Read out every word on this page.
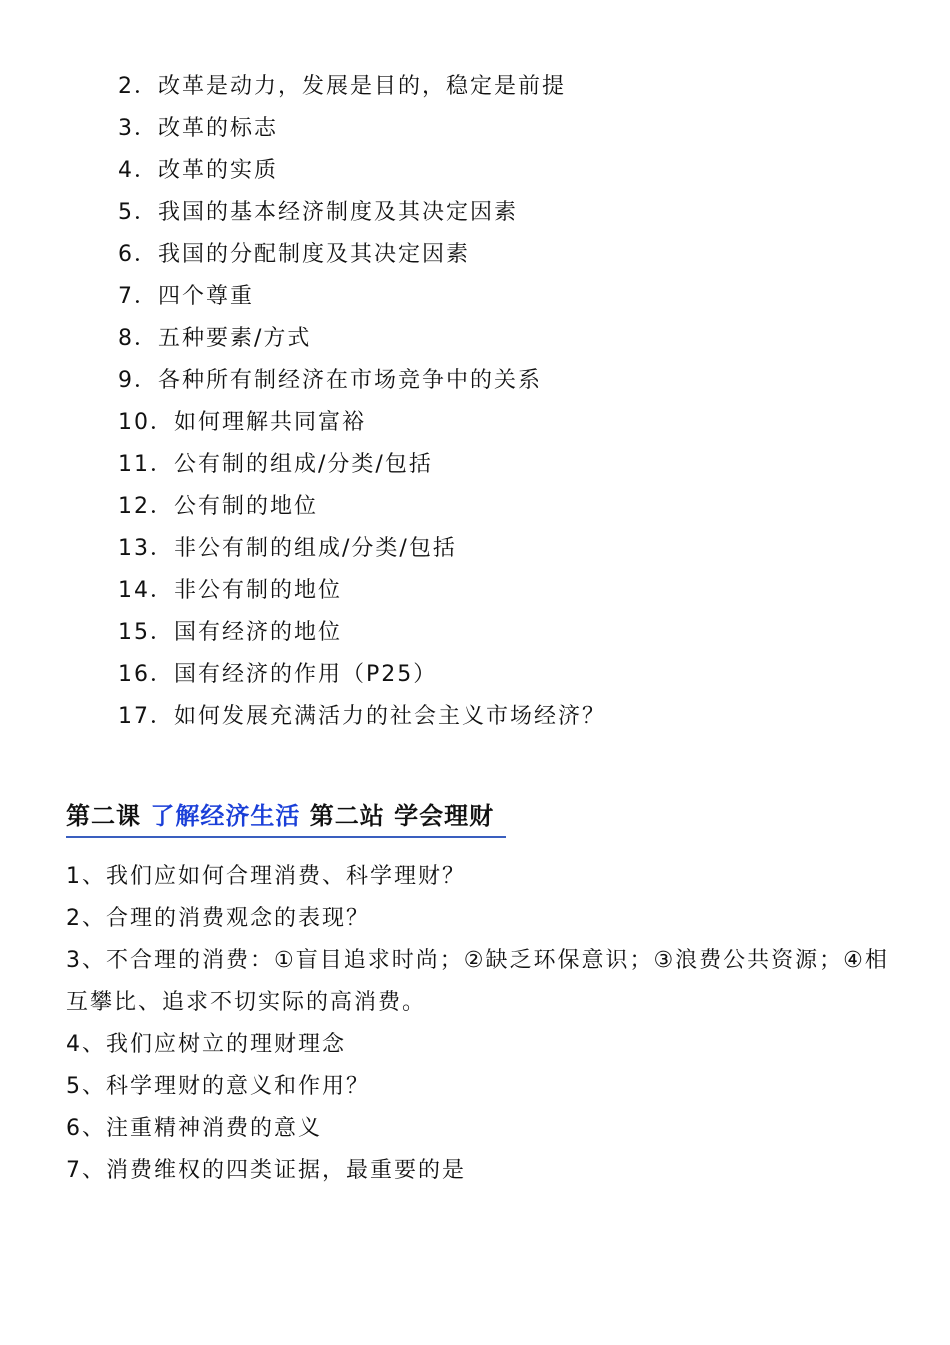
2．改革是动力，发展是目的，稳定是前提
3．改革的标志
4．改革的实质
5．我国的基本经济制度及其决定因素
6．我国的分配制度及其决定因素
7．四个尊重
8．五种要素/方式
9．各种所有制经济在市场竞争中的关系
10．如何理解共同富裕
11．公有制的组成/分类/包括
12．公有制的地位
13．非公有制的组成/分类/包括
14．非公有制的地位
15．国有经济的地位
16．国有经济的作用（P25）
17．如何发展充满活力的社会主义市场经济？
第二课 了解经济生活 第二站 学会理财
1、我们应如何合理消费、科学理财？
2、合理的消费观念的表现？
3、不合理的消费：①盲目追求时尚；②缺乏环保意识；③浪费公共资源；④相互攀比、追求不切实际的高消费。
4、我们应树立的理财理念
5、科学理财的意义和作用？
6、注重精神消费的意义
7、消费维权的四类证据，最重要的是
